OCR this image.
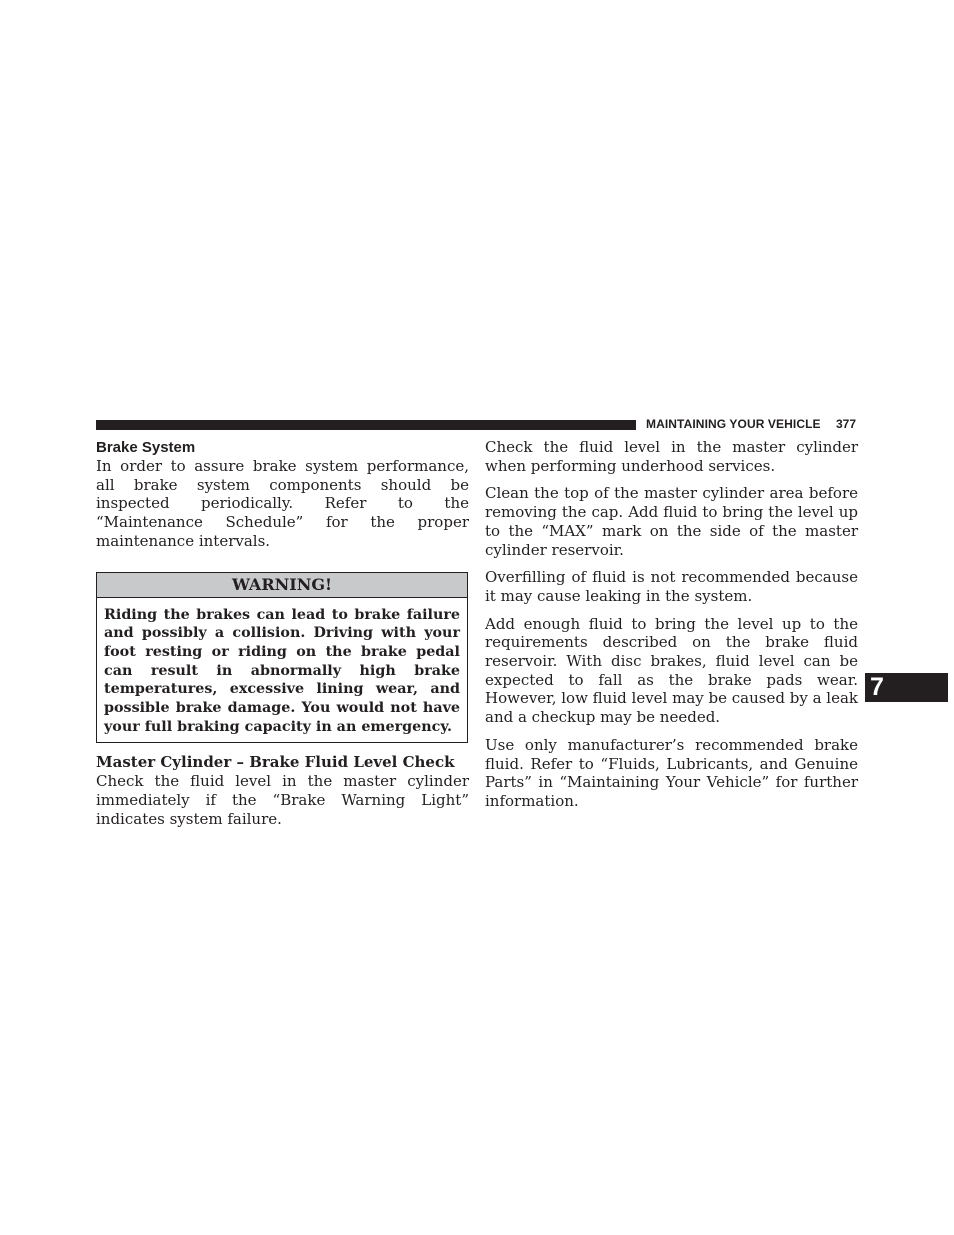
MAINTAINING YOUR VEHICLE 377
Brake System

In order to assure brake system performance, all brake system components should be inspected periodically. Refer to the “Maintenance Schedule” for the proper maintenance intervals.

WARNING!
Riding the brakes can lead to brake failure and possibly a collision. Driving with your foot resting or riding on the brake pedal can result in abnormally high brake temperatures, excessive lining wear, and possible brake damage. You would not have your full braking capacity in an emergency.
Master Cylinder – Brake Fluid Level Check

Check the fluid level in the master cylinder immediately if the “Brake Warning Light” indicates system failure.

Check the fluid level in the master cylinder when performing underhood services.

Clean the top of the master cylinder area before removing the cap. Add fluid to bring the level up to the “MAX” mark on the side of the master cylinder reservoir.

Overfilling of fluid is not recommended because it may cause leaking in the system.

Add enough fluid to bring the level up to the requirements described on the brake fluid reservoir. With disc brakes, fluid level can be expected to fall as the brake pads wear. However, low fluid level may be caused by a leak and a checkup may be needed.

Use only manufacturer’s recommended brake fluid. Refer to “Fluids, Lubricants, and Genuine Parts” in “Maintaining Your Vehicle” for further information.

7
